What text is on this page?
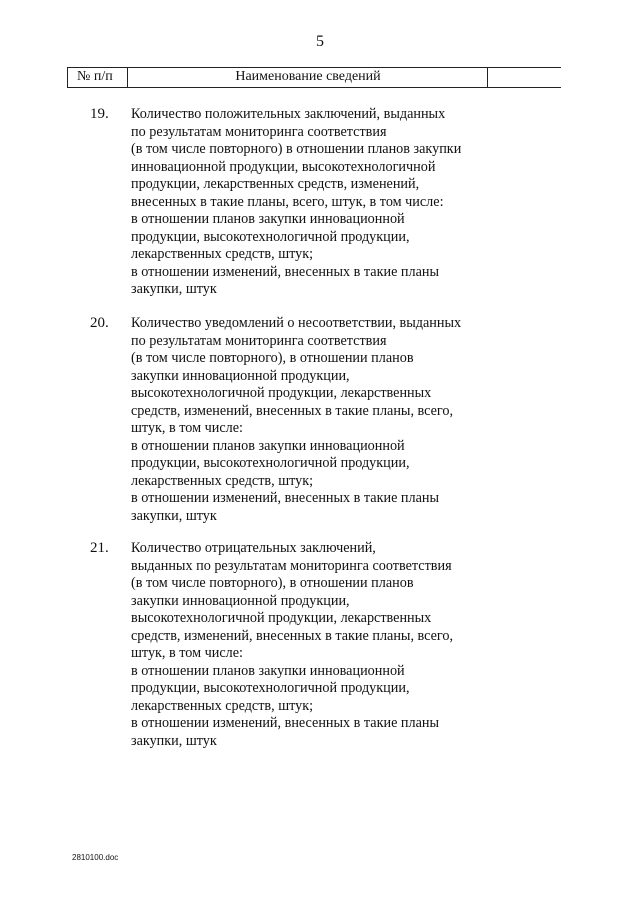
5
№ п/п	Наименование сведений
19. Количество положительных заключений, выданных
по результатам мониторинга соответствия
(в том числе повторного) в отношении планов закупки
инновационной продукции, высокотехнологичной
продукции, лекарственных средств, изменений,
внесенных в такие планы, всего, штук, в том числе:
в отношении планов закупки инновационной
продукции, высокотехнологичной продукции,
лекарственных средств, штук;
в отношении изменений, внесенных в такие планы
закупки, штук
20. Количество уведомлений о несоответствии, выданных
по результатам мониторинга соответствия
(в том числе повторного), в отношении планов
закупки инновационной продукции,
высокотехнологичной продукции, лекарственных
средств, изменений, внесенных в такие планы, всего,
штук, в том числе:
в отношении планов закупки инновационной
продукции, высокотехнологичной продукции,
лекарственных средств, штук;
в отношении изменений, внесенных в такие планы
закупки, штук
21. Количество отрицательных заключений,
выданных по результатам мониторинга соответствия
(в том числе повторного), в отношении планов
закупки инновационной продукции,
высокотехнологичной продукции, лекарственных
средств, изменений, внесенных в такие планы, всего,
штук, в том числе:
в отношении планов закупки инновационной
продукции, высокотехнологичной продукции,
лекарственных средств, штук;
в отношении изменений, внесенных в такие планы
закупки, штук
2810100.doc
